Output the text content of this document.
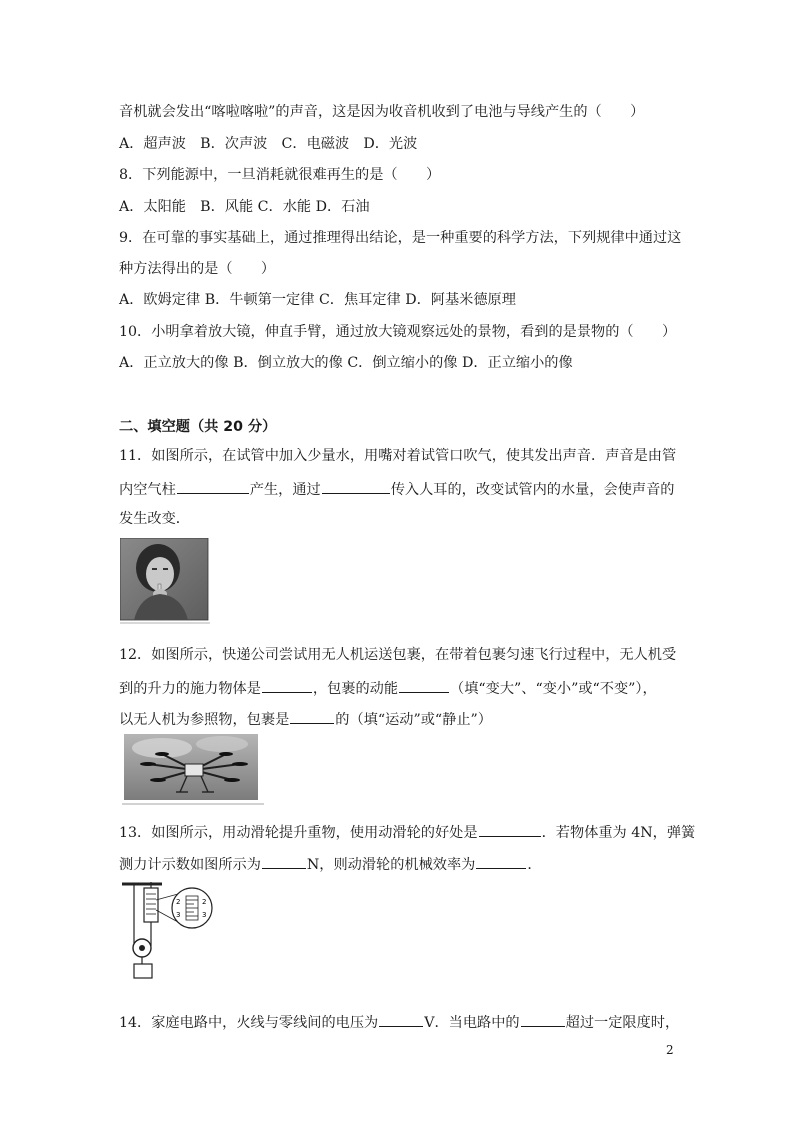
音机就会发出“喀啦喀啦”的声音，这是因为收音机收到了电池与导线产生的（　　）
A．超声波　B．次声波　C．电磁波　D．光波
8．下列能源中，一旦消耗就很难再生的是（　　）
A．太阳能　B．风能 C．水能 D．石油
9．在可靠的事实基础上，通过推理得出结论，是一种重要的科学方法，下列规律中通过这
种方法得出的是（　　）
A．欧姆定律 B．牛顿第一定律 C．焦耳定律 D．阿基米德原理
10．小明拿着放大镜，伸直手臂，通过放大镜观察远处的景物，看到的是景物的（　　）
A．正立放大的像 B．倒立放大的像 C．倒立缩小的像 D．正立缩小的像
二、填空题（共 20 分）
11．如图所示，在试管中加入少量水，用嘴对着试管口吹气，使其发出声音．声音是由管
内空气柱	产生，通过	传入人耳的，改变试管内的水量，会使声音的
发生改变．
12．如图所示，快递公司尝试用无人机运送包裹，在带着包裹匀速飞行过程中，无人机受
到的升力的施力物体是	，包裹的动能	（填“变大”、“变小”或“不变”），
以无人机为参照物，包裹是	的（填“运动”或“静止”）
13．如图所示，用动滑轮提升重物，使用动滑轮的好处是	．若物体重为 4N，弹簧
测力计示数如图所示为	N，则动滑轮的机械效率为	．
2
3
2
3
14．家庭电路中，火线与零线间的电压为	V．当电路中的	超过一定限度时，
2
